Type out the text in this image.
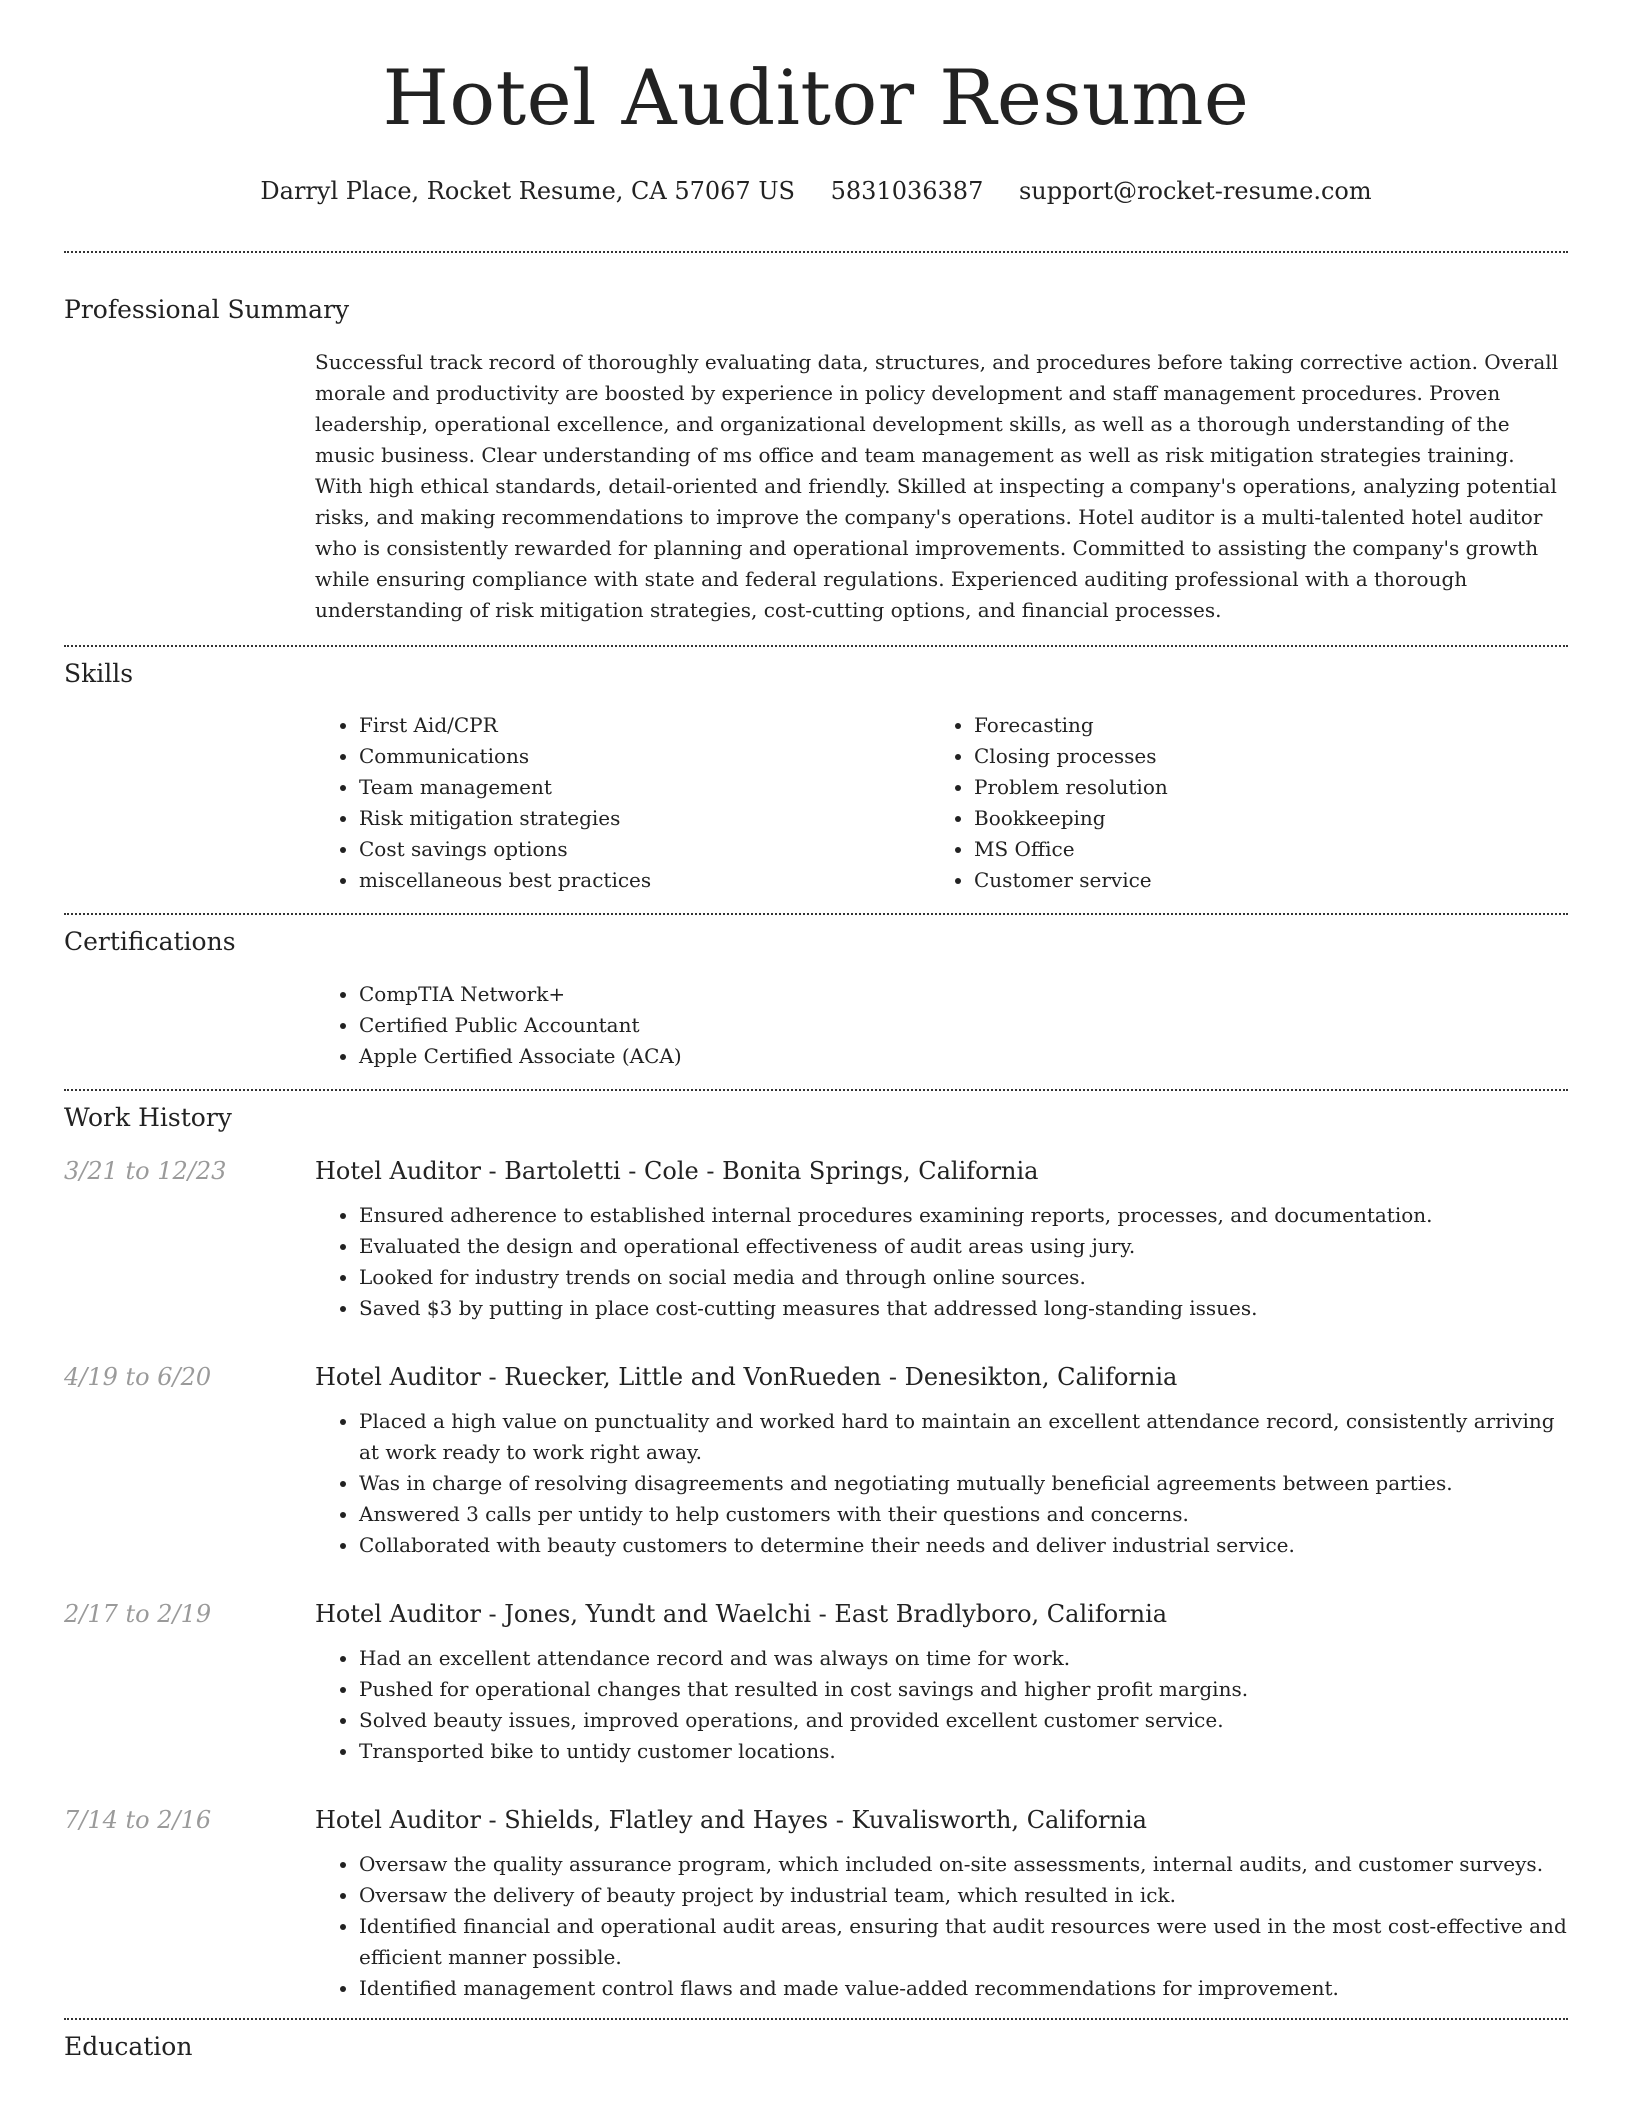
Hotel Auditor Resume
Darryl Place, Rocket Resume, CA 57067 US 5831036387 support@rocket-resume.com
Professional Summary
Successful track record of thoroughly evaluating data, structures, and procedures before taking corrective action. Overall morale and productivity are boosted by experience in policy development and staff management procedures. Proven leadership, operational excellence, and organizational development skills, as well as a thorough understanding of the music business. Clear understanding of ms office and team management as well as risk mitigation strategies training. With high ethical standards, detail-oriented and friendly. Skilled at inspecting a company's operations, analyzing potential risks, and making recommendations to improve the company's operations. Hotel auditor is a multi-talented hotel auditor who is consistently rewarded for planning and operational improvements. Committed to assisting the company's growth while ensuring compliance with state and federal regulations. Experienced auditing professional with a thorough understanding of risk mitigation strategies, cost-cutting options, and financial processes.
Skills
• First Aid/CPR
• Communications
• Team management
• Risk mitigation strategies
• Cost savings options
• miscellaneous best practices
• Forecasting
• Closing processes
• Problem resolution
• Bookkeeping
• MS Office
• Customer service
Certifications
• CompTIA Network+
• Certified Public Accountant
• Apple Certified Associate (ACA)
Work History
3/21 to 12/23	Hotel Auditor - Bartoletti - Cole - Bonita Springs, California
• Ensured adherence to established internal procedures examining reports, processes, and documentation.
• Evaluated the design and operational effectiveness of audit areas using jury.
• Looked for industry trends on social media and through online sources.
• Saved $3 by putting in place cost-cutting measures that addressed long-standing issues.
4/19 to 6/20	Hotel Auditor - Ruecker, Little and VonRueden - Denesikton, California
• Placed a high value on punctuality and worked hard to maintain an excellent attendance record, consistently arriving at work ready to work right away.
• Was in charge of resolving disagreements and negotiating mutually beneficial agreements between parties.
• Answered 3 calls per untidy to help customers with their questions and concerns.
• Collaborated with beauty customers to determine their needs and deliver industrial service.
2/17 to 2/19	Hotel Auditor - Jones, Yundt and Waelchi - East Bradlyboro, California
• Had an excellent attendance record and was always on time for work.
• Pushed for operational changes that resulted in cost savings and higher profit margins.
• Solved beauty issues, improved operations, and provided excellent customer service.
• Transported bike to untidy customer locations.
7/14 to 2/16	Hotel Auditor - Shields, Flatley and Hayes - Kuvalisworth, California
• Oversaw the quality assurance program, which included on-site assessments, internal audits, and customer surveys.
• Oversaw the delivery of beauty project by industrial team, which resulted in ick.
• Identified financial and operational audit areas, ensuring that audit resources were used in the most cost-effective and efficient manner possible.
• Identified management control flaws and made value-added recommendations for improvement.
Education
